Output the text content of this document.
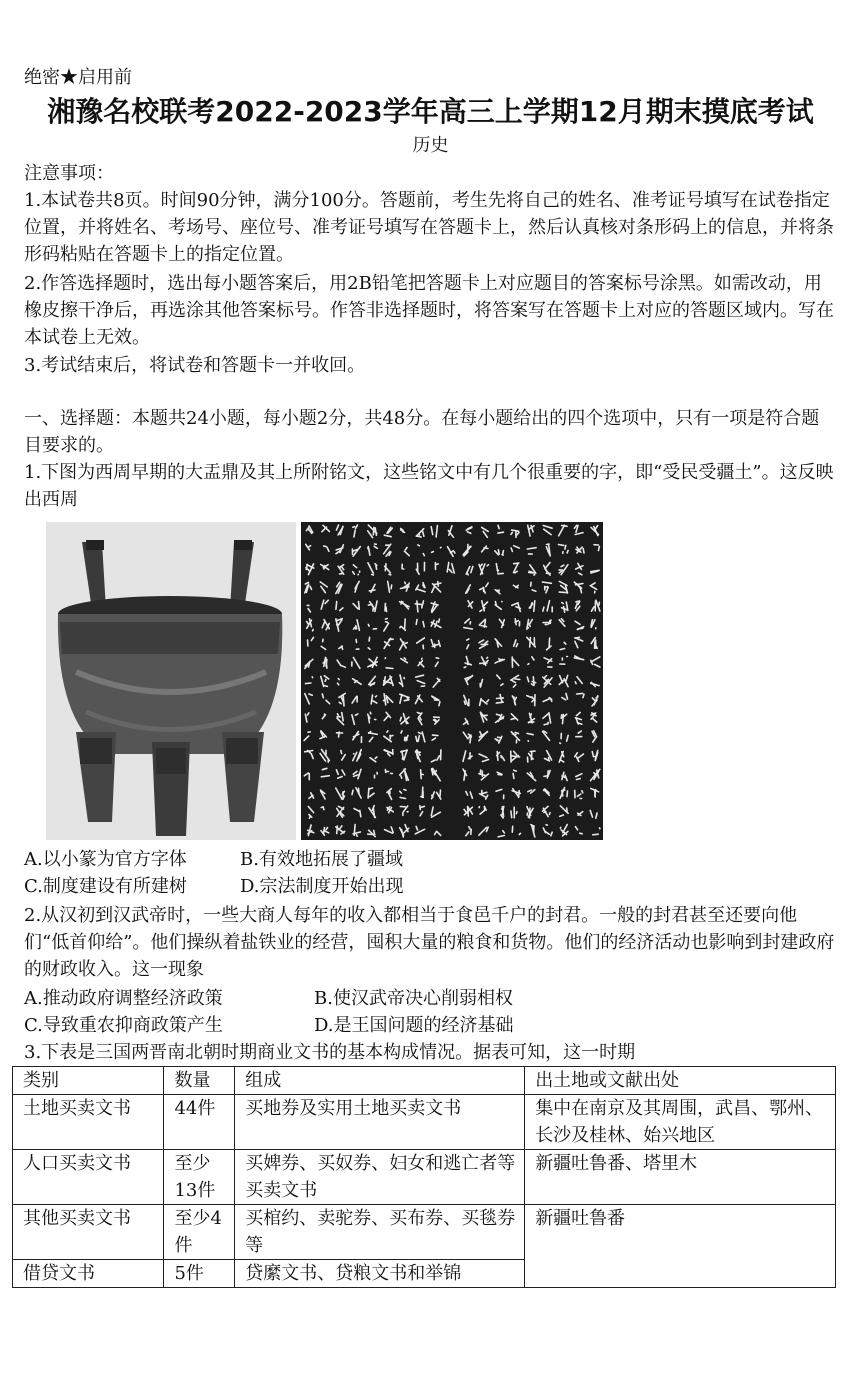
绝密★启用前
湘豫名校联考2022-2023学年高三上学期12月期末摸底考试
历史
注意事项：
1.本试卷共8页。时间90分钟，满分100分。答题前，考生先将自己的姓名、准考证号填写在试卷指定位置，并将姓名、考场号、座位号、准考证号填写在答题卡上，然后认真核对条形码上的信息，并将条形码粘贴在答题卡上的指定位置。
2.作答选择题时，选出每小题答案后，用2B铅笔把答题卡上对应题目的答案标号涂黑。如需改动，用橡皮擦干净后，再选涂其他答案标号。作答非选择题时，将答案写在答题卡上对应的答题区域内。写在本试卷上无效。
3.考试结束后，将试卷和答题卡一并收回。
一、选择题：本题共24小题，每小题2分，共48分。在每小题给出的四个选项中，只有一项是符合题目要求的。
1.下图为西周早期的大盂鼎及其上所附铭文，这些铭文中有几个很重要的字，即“受民受疆土”。这反映出西周
A.以小篆为官方字体	B.有效地拓展了疆域
C.制度建设有所建树	D.宗法制度开始出现
2.从汉初到汉武帝时，一些大商人每年的收入都相当于食邑千户的封君。一般的封君甚至还要向他们“低首仰给”。他们操纵着盐铁业的经营，囤积大量的粮食和货物。他们的经济活动也影响到封建政府的财政收入。这一现象
A.推动政府调整经济政策	B.使汉武帝决心削弱相权
C.导致重农抑商政策产生	D.是王国问题的经济基础
3.下表是三国两晋南北朝时期商业文书的基本构成情况。据表可知，这一时期
类别	数量	组成	出土地或文献出处
土地买卖文书	44件	买地券及实用土地买卖文书	集中在南京及其周围，武昌、鄂州、长沙及桂林、始兴地区
人口买卖文书	至少13件	买婢券、买奴券、妇女和逃亡者等买卖文书	新疆吐鲁番、塔里木
其他买卖文书	至少4件	买棺约、卖驼券、买布券、买毯券等	新疆吐鲁番
借贷文书	5件	贷縻文书、贷粮文书和举锦	
